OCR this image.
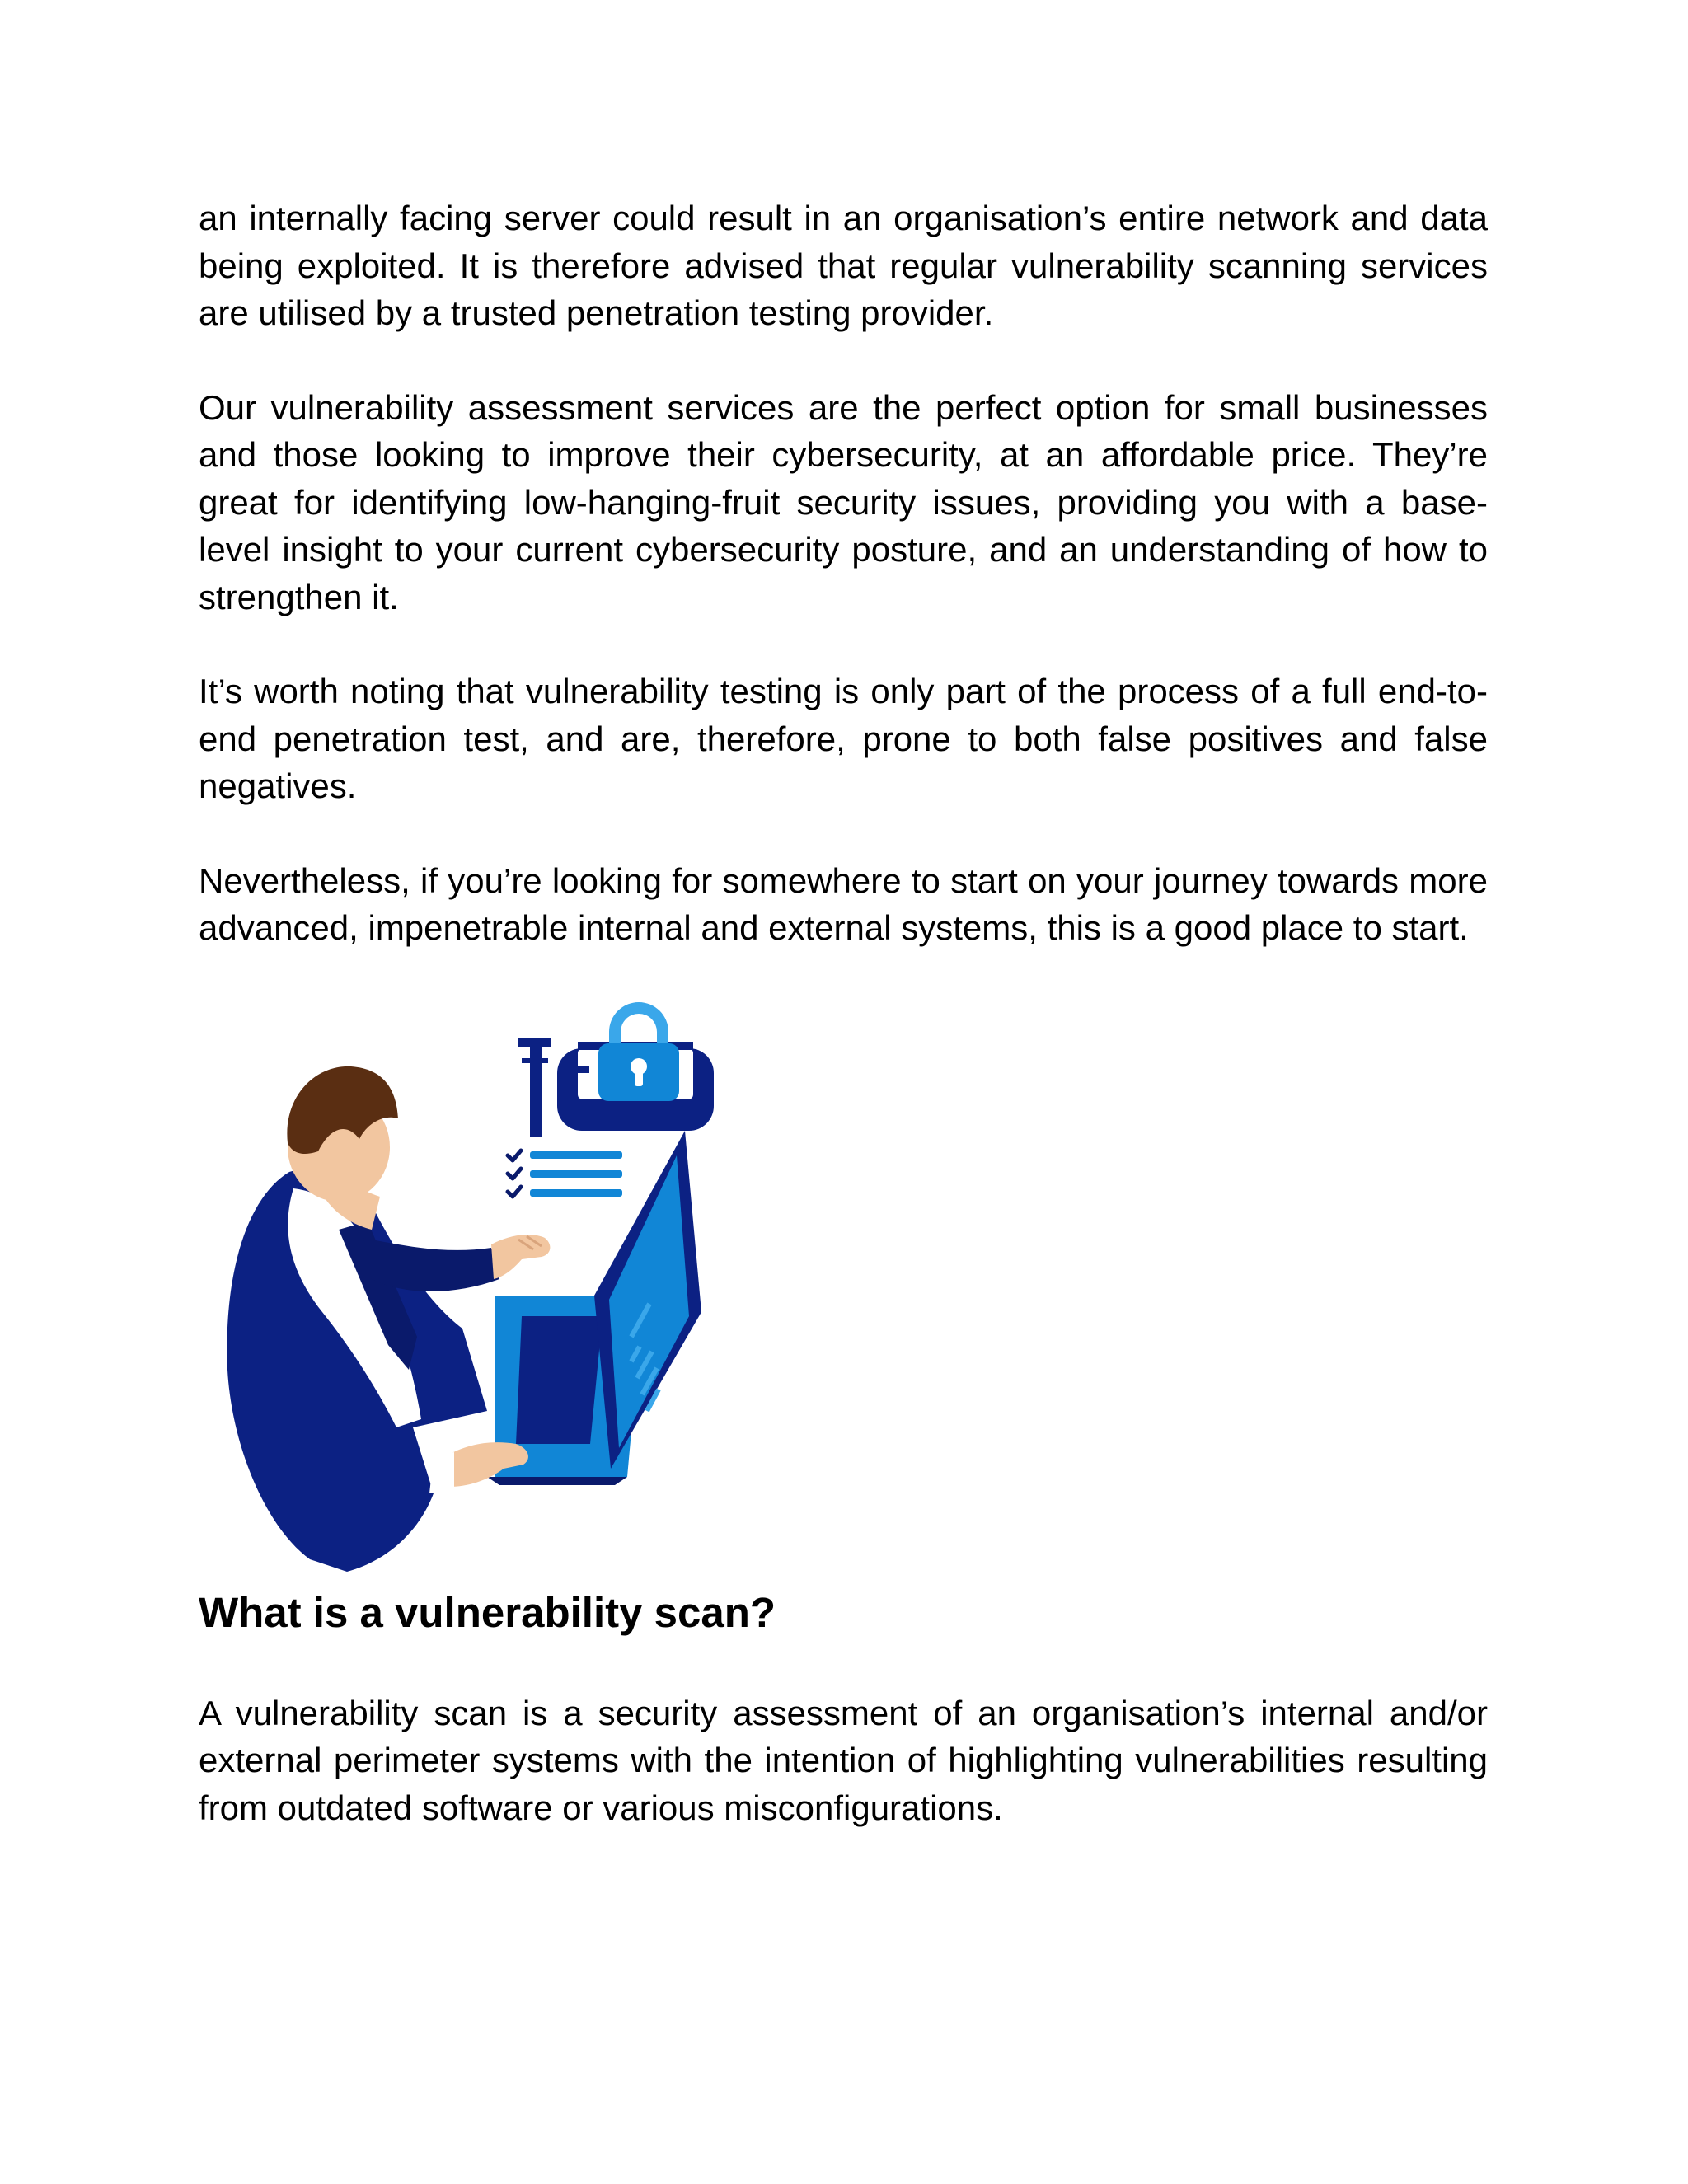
an internally facing server could result in an organisation’s entire network and data being exploited. It is therefore advised that regular vulnerability scanning services are utilised by a trusted penetration testing provider.

Our vulnerability assessment services are the perfect option for small businesses and those looking to improve their cybersecurity, at an affordable price. They’re great for identifying low-hanging-fruit security issues, providing you with a base-level insight to your current cybersecurity posture, and an understanding of how to strengthen it.

It’s worth noting that vulnerability testing is only part of the process of a full end-to-end penetration test, and are, therefore, prone to both false positives and false negatives.

Nevertheless, if you’re looking for somewhere to start on your journey towards more advanced, impenetrable internal and external systems, this is a good place to start.

What is a vulnerability scan?

A vulnerability scan is a security assessment of an organisation’s internal and/or external perimeter systems with the intention of highlighting vulnerabilities resulting from outdated software or various misconfigurations.
